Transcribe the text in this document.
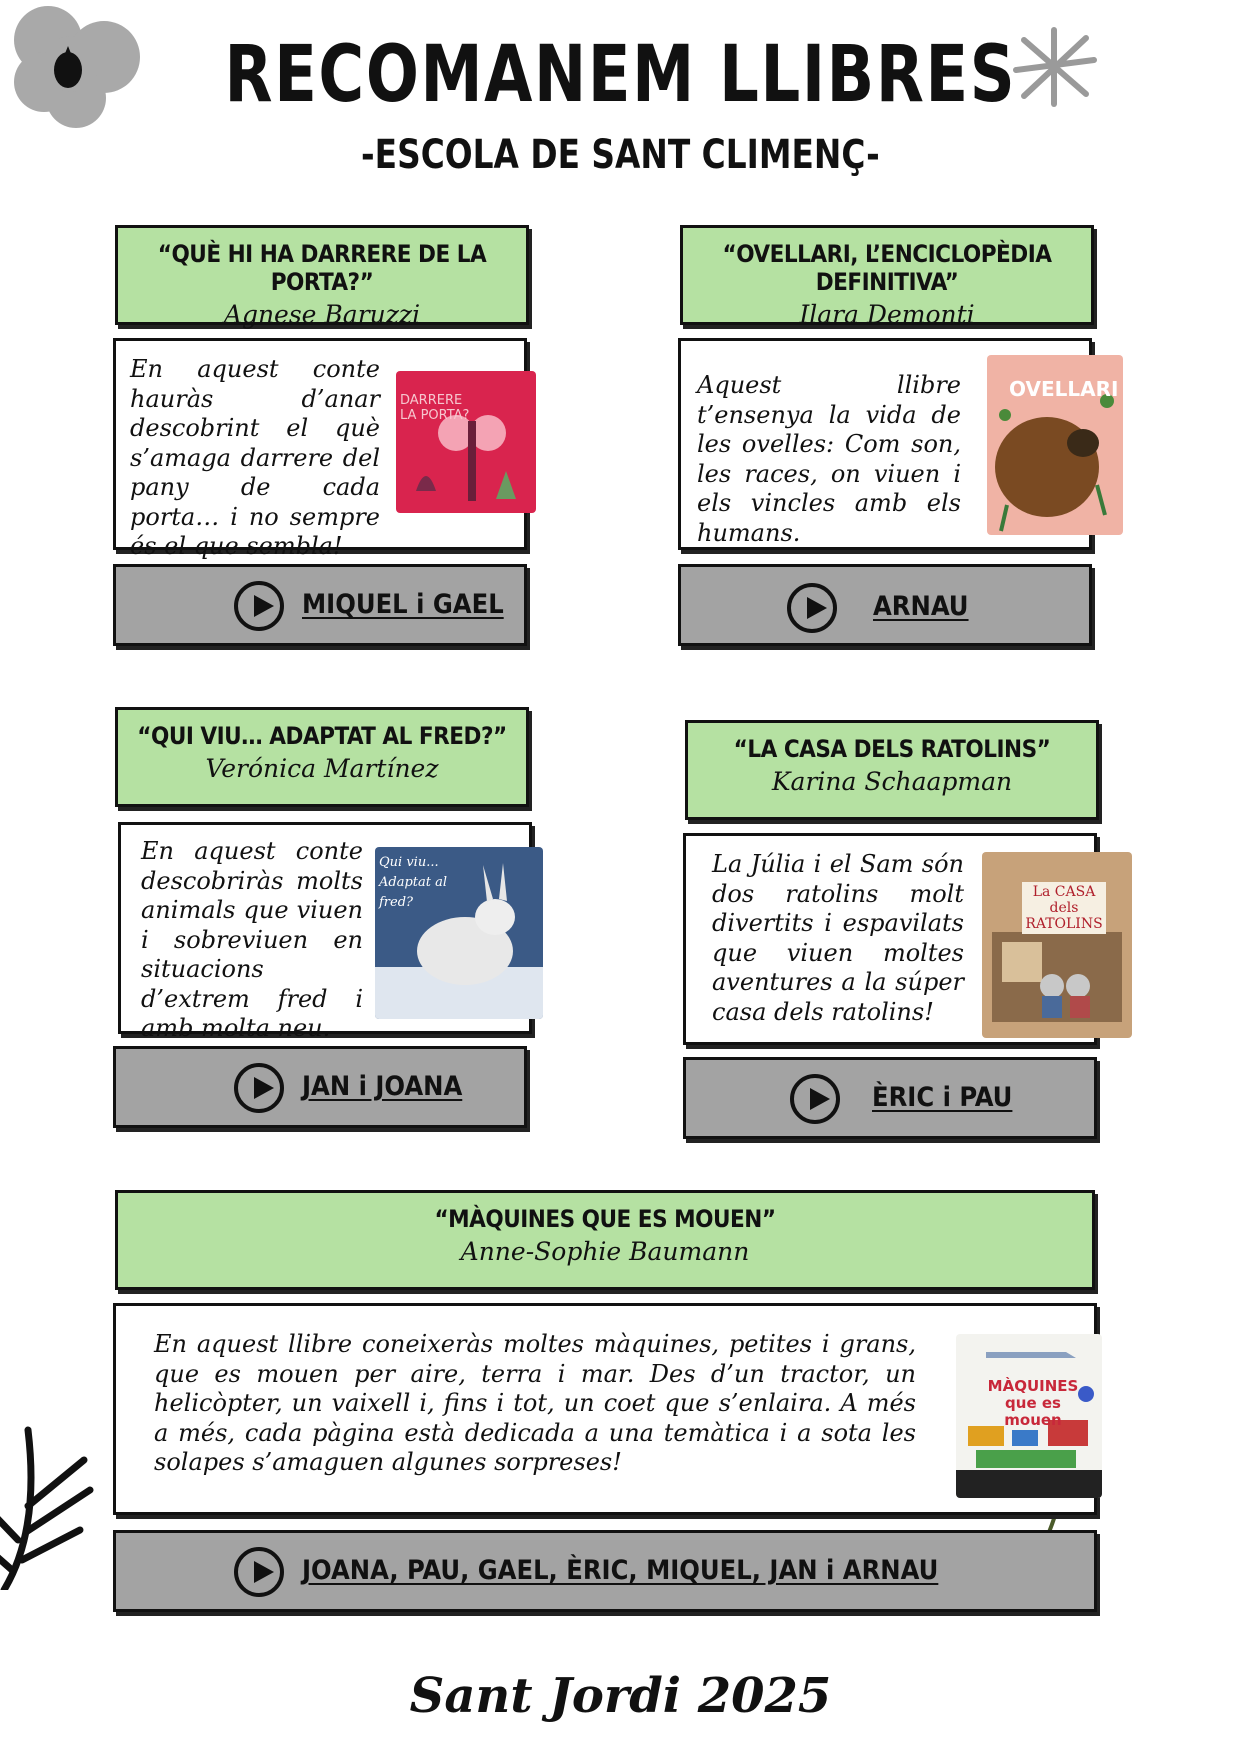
RECOMANEM LLIBRES
-ESCOLA DE SANT CLIMENÇ-
“QUÈ HI HA DARRERE DE LA PORTA?”
Agnese Baruzzi
En aquest conte hauràs d’anar descobrint el què s’amaga darrere del pany de cada porta… i no sempre és el que sembla!
DARRERE LA PORTA?
MIQUEL i GAEL
“OVELLARI, L’ENCICLOPÈDIA DEFINITIVA”
Ilara Demonti
Aquest llibre t’ensenya la vida de les ovelles: Com son, les races, on viuen i els vincles amb els humans.
OVELLARI
ARNAU
“QUI VIU… ADAPTAT AL FRED?”
Verónica Martínez
En aquest conte descobriràs molts animals que viuen i sobreviuen en situacions d’extrem fred i amb molta neu.
Qui viu... Adaptat al fred?
JAN i JOANA
“LA CASA DELS RATOLINS”
Karina Schaapman
La Júlia i el Sam són dos ratolins molt divertits i espavilats que viuen moltes aventures a la súper casa dels ratolins!
La CASA dels RATOLINS
ÈRIC i PAU
“MÀQUINES QUE ES MOUEN”
Anne-Sophie Baumann
En aquest llibre coneixeràs moltes màquines, petites i grans, que es mouen per aire, terra i mar. Des d’un tractor, un helicòpter, un vaixell i, fins i tot, un coet que s’enlaira. A més a més, cada pàgina està dedicada a una temàtica i a sota les solapes s’amaguen algunes sorpreses!
MÀQUINES que es mouen
JOANA, PAU, GAEL, ÈRIC, MIQUEL, JAN i ARNAU
Sant Jordi 2025
